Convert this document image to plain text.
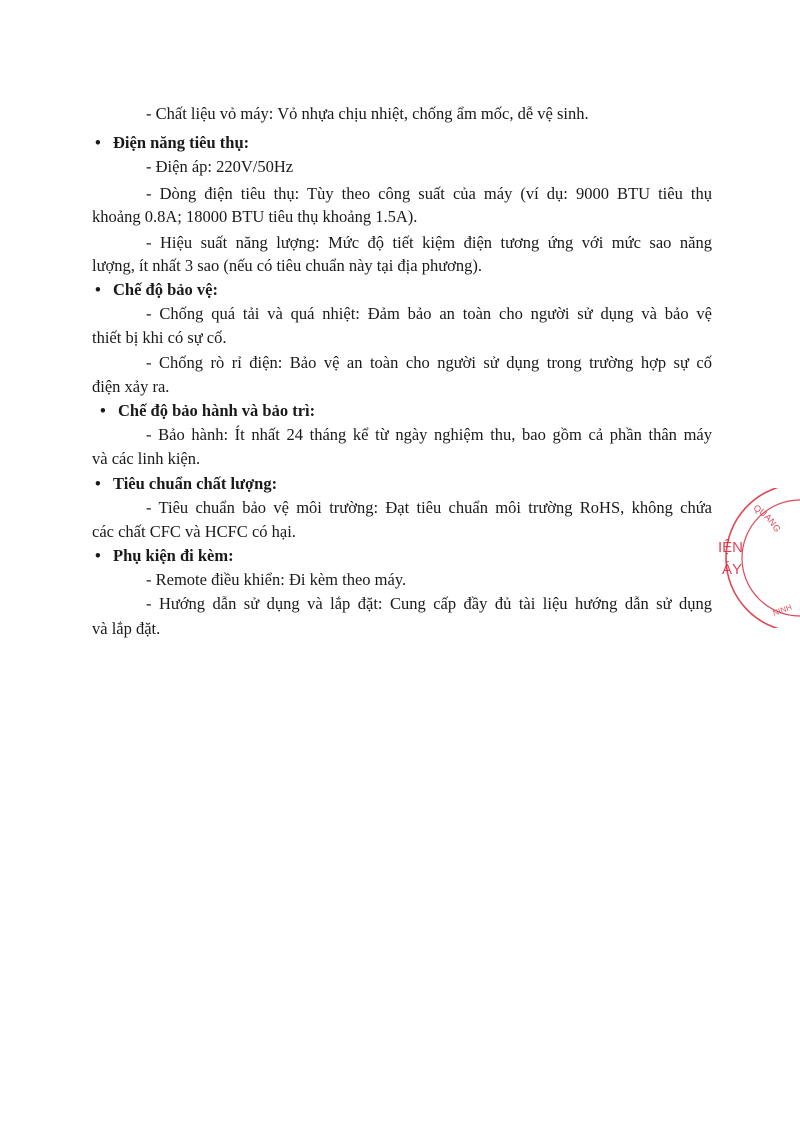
- Chất liệu vỏ máy: Vỏ nhựa chịu nhiệt, chống ẩm mốc, dễ vệ sinh.
• Điện năng tiêu thụ:
- Điện áp: 220V/50Hz
- Dòng điện tiêu thụ: Tùy theo công suất của máy (ví dụ: 9000 BTU tiêu thụ
khoảng 0.8A; 18000 BTU tiêu thụ khoảng 1.5A).
- Hiệu suất năng lượng: Mức độ tiết kiệm điện tương ứng với mức sao năng
lượng, ít nhất 3 sao (nếu có tiêu chuẩn này tại địa phương).
• Chế độ bảo vệ:
- Chống quá tải và quá nhiệt: Đảm bảo an toàn cho người sử dụng và bảo vệ
thiết bị khi có sự cố.
- Chống rò rỉ điện: Bảo vệ an toàn cho người sử dụng trong trường hợp sự cố
điện xảy ra.
• Chế độ bảo hành và bảo trì:
- Bảo hành: Ít nhất 24 tháng kể từ ngày nghiệm thu, bao gồm cả phần thân máy
và các linh kiện.
• Tiêu chuẩn chất lượng:
- Tiêu chuẩn bảo vệ môi trường: Đạt tiêu chuẩn môi trường RoHS, không chứa
các chất CFC và HCFC có hại.
• Phụ kiện đi kèm:
- Remote điều khiển: Đi kèm theo máy.
- Hướng dẫn sử dụng và lắp đặt: Cung cấp đầy đủ tài liệu hướng dẫn sử dụng
và lắp đặt.
QUANG
NINH
IỆN
ÁY
